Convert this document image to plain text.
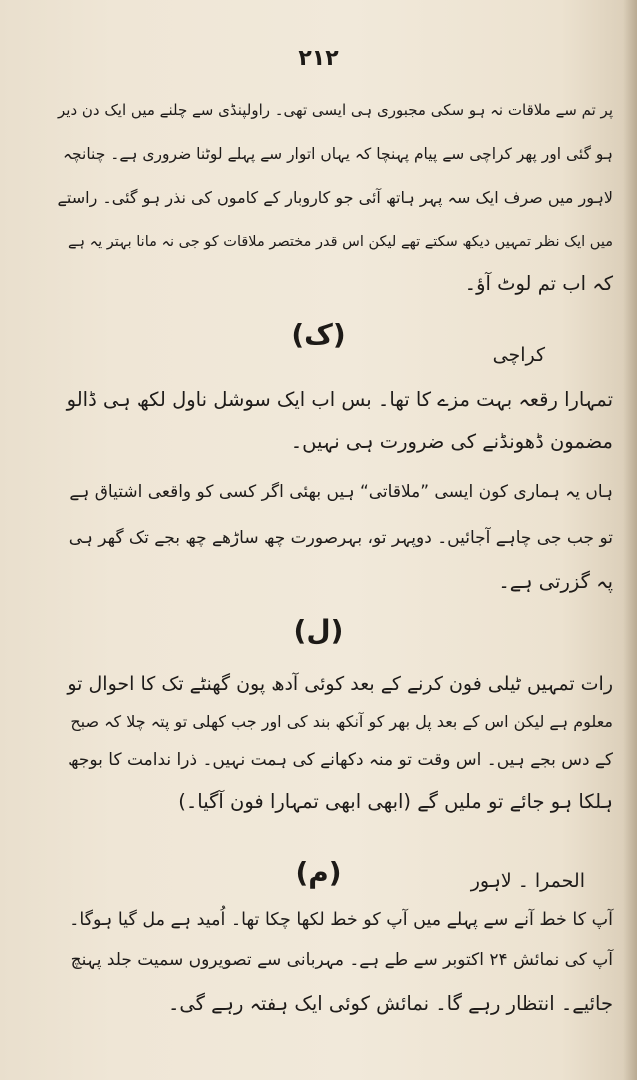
۲۱۲
پر تم سے ملاقات نہ ہو سکی مجبوری ہی ایسی تھی۔ راولپنڈی سے چلنے میں ایک دن دیر
ہو گئی اور پھر کراچی سے پیام پہنچا کہ یہاں اتوار سے پہلے لوٹنا ضروری ہے۔ چنانچہ
لاہور میں صرف ایک سہ پہر ہاتھ آئی جو کاروبار کے کاموں کی نذر ہو گئی۔ راستے
میں ایک نظر تمہیں دیکھ سکتے تھے لیکن اس قدر مختصر ملاقات کو جی نہ مانا بہتر یہ ہے
کہ اب تم لوٹ آؤ۔
(ک)
کراچی
تمہارا رقعہ بہت مزے کا تھا۔ بس اب ایک سوشل ناول لکھ ہی ڈالو
مضمون ڈھونڈنے کی ضرورت ہی نہیں۔
ہاں یہ ہماری کون ایسی ”ملاقاتی“ ہیں بھئی اگر کسی کو واقعی اشتیاق ہے
تو جب جی چاہے آجائیں۔ دوپہر تو، بہرصورت چھ ساڑھے چھ بجے تک گھر ہی
پہ گزرتی ہے۔
(ل)
رات تمہیں ٹیلی فون کرنے کے بعد کوئی آدھ پون گھنٹے تک کا احوال تو
معلوم ہے لیکن اس کے بعد پل بھر کو آنکھ بند کی اور جب کھلی تو پتہ چلا کہ صبح
کے دس بجے ہیں۔ اس وقت تو منہ دکھانے کی ہمت نہیں۔ ذرا ندامت کا بوجھ
ہلکا ہو جائے تو ملیں گے (ابھی ابھی تمہارا فون آگیا۔)
(م)	الحمرا ۔ لاہور
آپ کا خط آنے سے پہلے میں آپ کو خط لکھا چکا تھا۔ اُمید ہے مل گیا ہوگا۔
آپ کی نمائش ۲۴ اکتوبر سے طے ہے۔ مہربانی سے تصویروں سمیت جلد پہنچ
جائیے۔ انتظار رہے گا۔ نمائش کوئی ایک ہفتہ رہے گی۔
